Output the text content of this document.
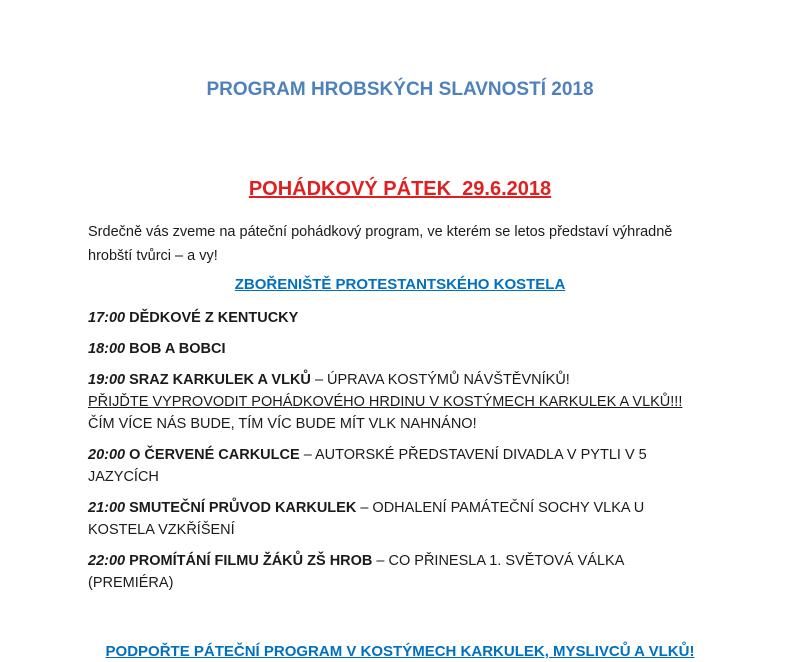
PROGRAM HROBSKÝCH SLAVNOSTÍ 2018
POHÁDKOVÝ PÁTEK  29.6.2018

Srdečně vás zveme na páteční pohádkový program, ve kterém se letos představí výhradně hrobští tvůrci – a vy!

ZBOŘENIŠTĚ PROTESTANTSKÉHO KOSTELA

17:00 DĚDKOVÉ Z KENTUCKY

18:00 BOB A BOBCI

19:00 SRAZ KARKULEK A VLKŮ – ÚPRAVA KOSTÝMŮ NÁVŠTĚVNÍKŮ!
PŘIJĎTE VYPROVODIT POHÁDKOVÉHO HRDINU V KOSTÝMECH KARKULEK A VLKŮ!!!
ČÍM VÍCE NÁS BUDE, TÍM VÍC BUDE MÍT VLK NAHNÁNO!

20:00 O ČERVENÉ CARKULCE – AUTORSKÉ PŘEDSTAVENÍ DIVADLA V PYTLI V 5 JAZYCÍCH

21:00 SMUTEČNÍ PRŮVOD KARKULEK – ODHALENÍ PAMÁTEČNÍ SOCHY VLKA U KOSTELA VZKŘÍŠENÍ

22:00 PROMÍTÁNÍ FILMU ŽÁKŮ ZŠ HROB – CO PŘINESLA 1. SVĚTOVÁ VÁLKA (PREMIÉRA)

PODPOŘTE PÁTEČNÍ PROGRAM V KOSTÝMECH KARKULEK, MYSLIVCŮ A VLKŮ!
